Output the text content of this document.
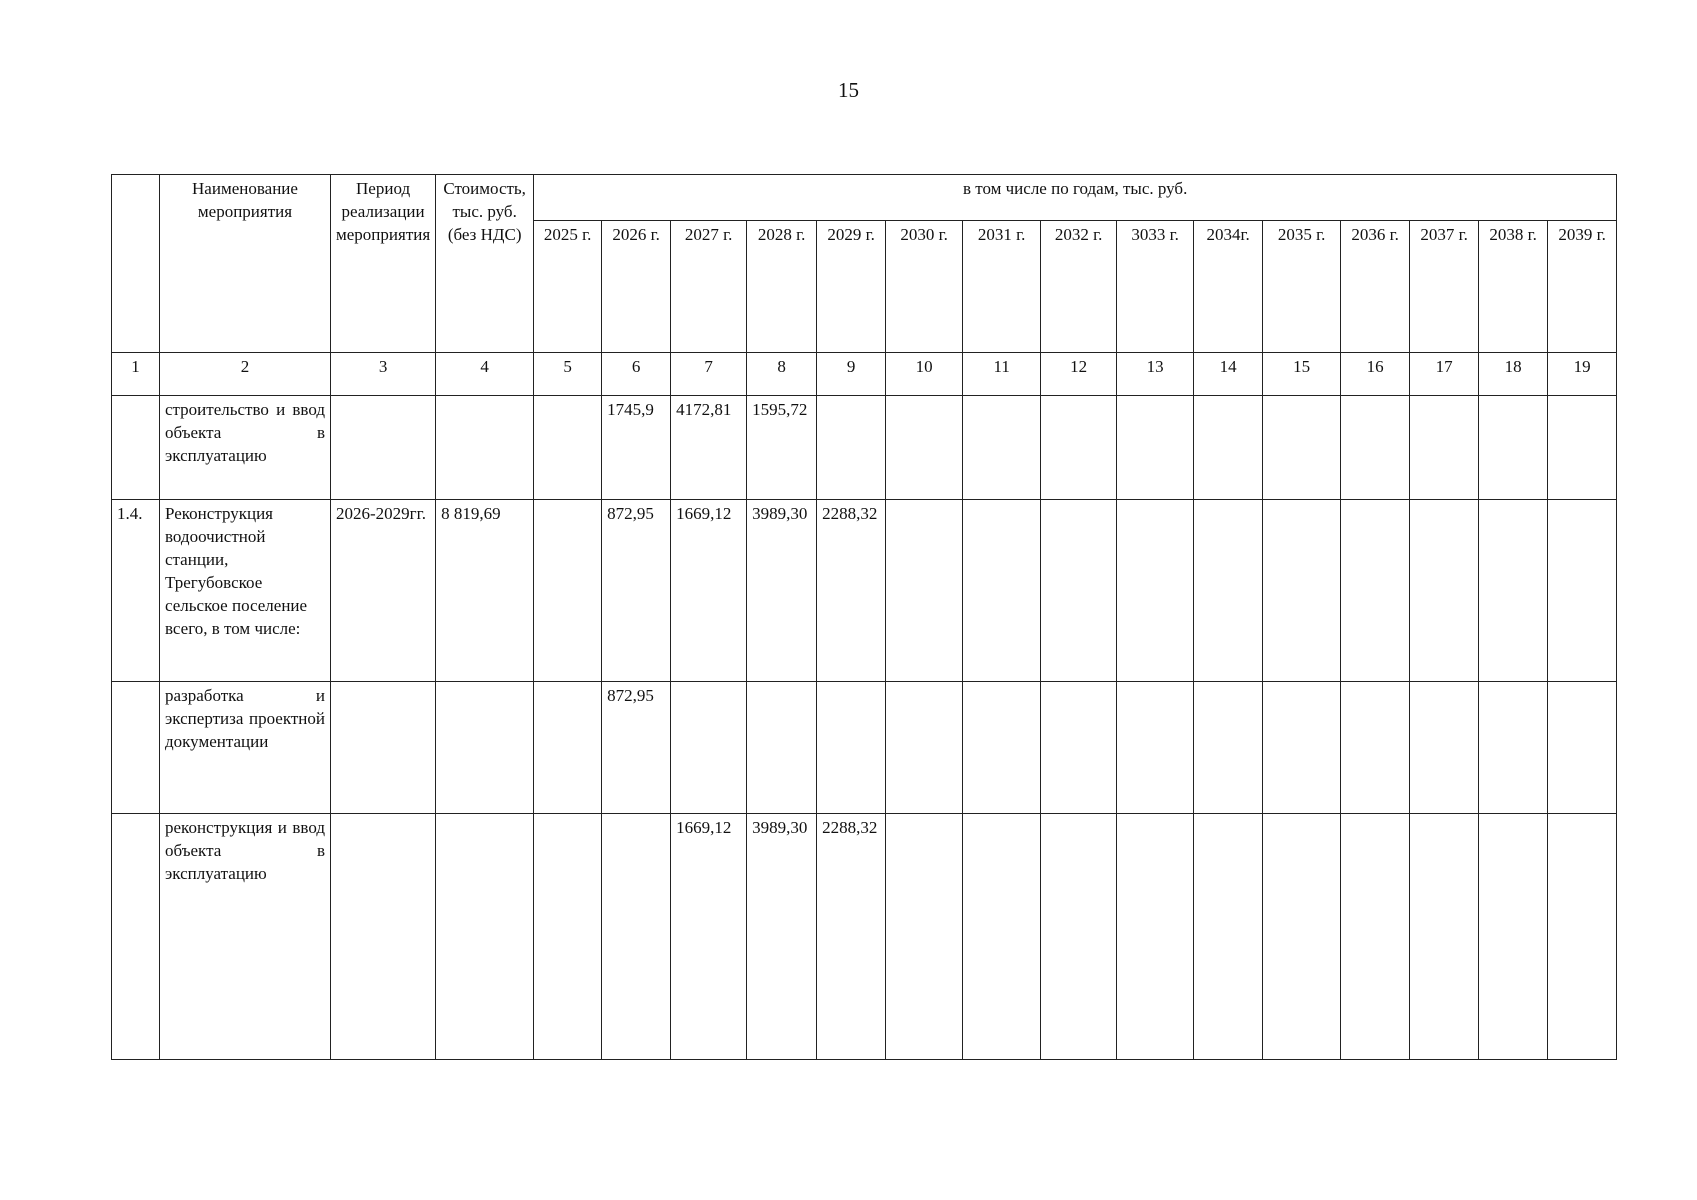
15
	Наименование мероприятия	Период реализации мероприятия	Стоимость, тыс. руб. (без НДС)	в том числе по годам, тыс. руб.														
				2025 г.	2026 г.	2027 г.	2028 г.	2029 г.	2030 г.	2031 г.	2032 г.	3033 г.	2034г.	2035 г.	2036 г.	2037 г.	2038 г.	2039 г.
1	2	3	4	5	6	7	8	9	10	11	12	13	14	15	16	17	18	19
	строительство и ввод объекта в эксплуатацию				1745,9	4172,81	1595,72											
1.4.	Реконструкция водоочистной станции, Трегубовское сельское поселение всего, в том числе:	2026-2029гг.	8 819,69		872,95	1669,12	3989,30	2288,32										
	разработка и экспертиза проектной документации				872,95													
	реконструкция и ввод объекта в эксплуатацию					1669,12	3989,30	2288,32										
